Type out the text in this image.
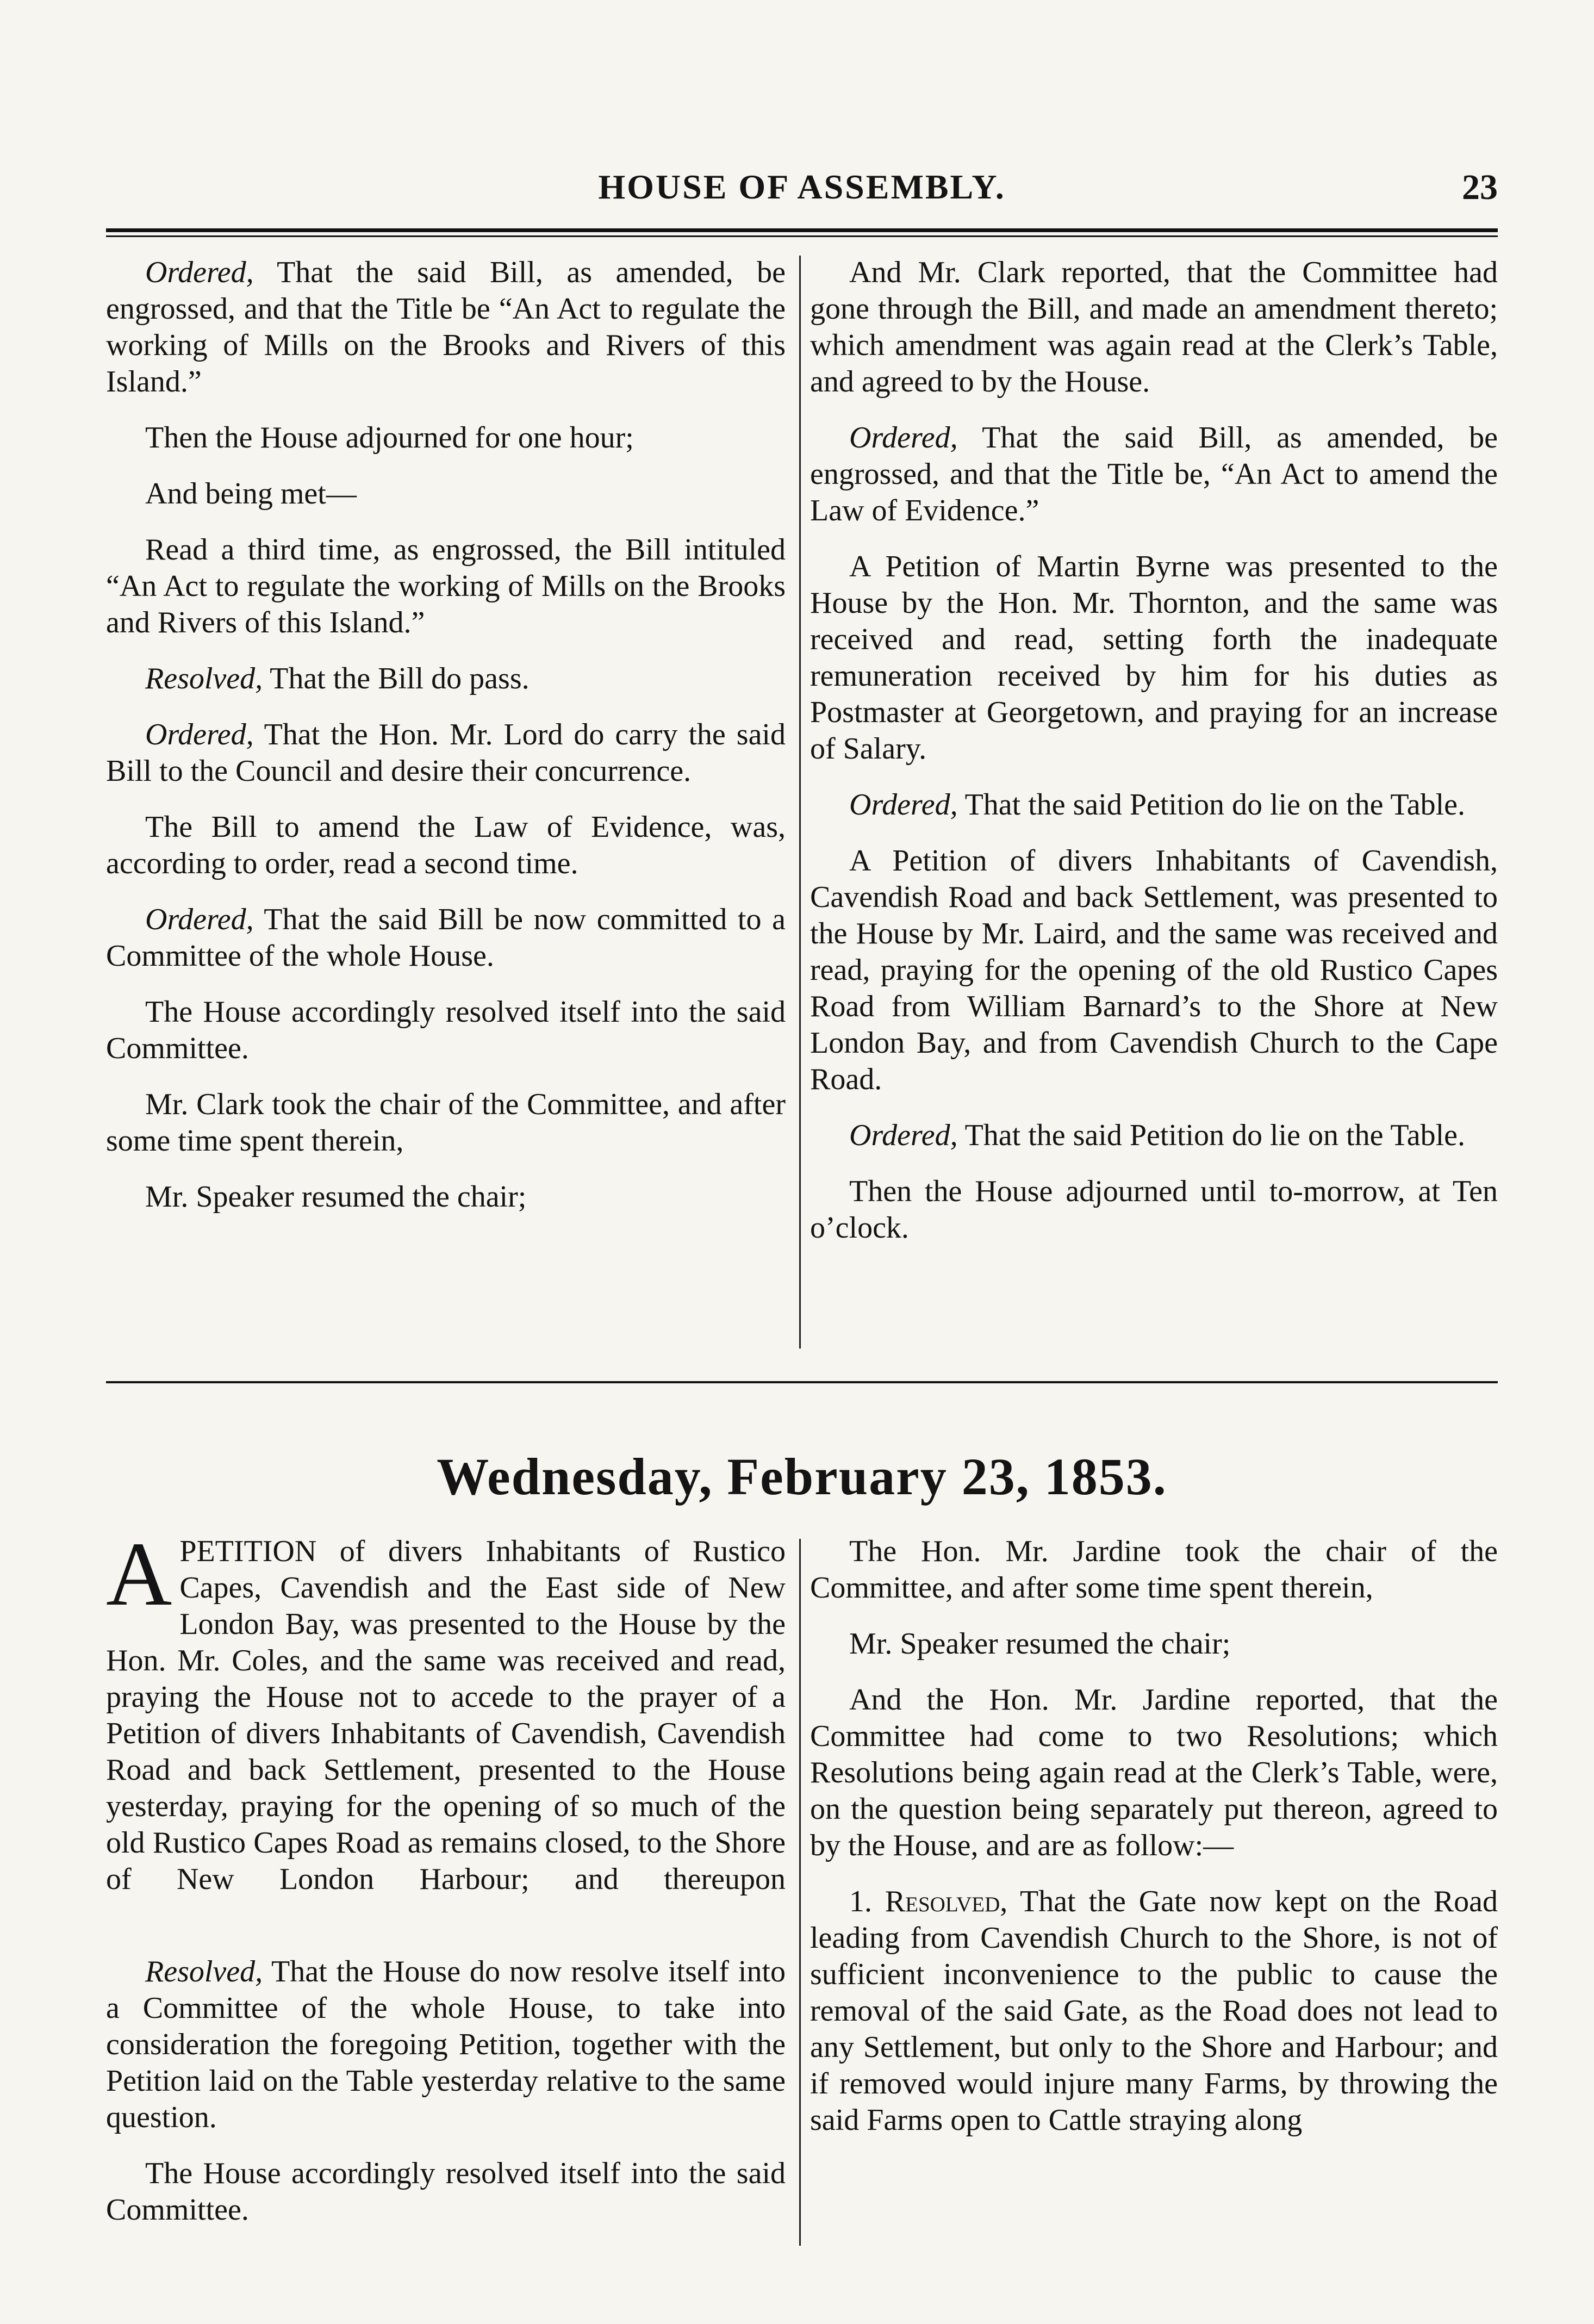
HOUSE OF ASSEMBLY.	23

Ordered, That the said Bill, as amended, be engrossed, and that the Title be “An Act to regulate the working of Mills on the Brooks and Rivers of this Island.”

Then the House adjourned for one hour;

And being met—

Read a third time, as engrossed, the Bill intituled “An Act to regulate the working of Mills on the Brooks and Rivers of this Island.”

Resolved, That the Bill do pass.

Ordered, That the Hon. Mr. Lord do carry the said Bill to the Council and desire their concurrence.

The Bill to amend the Law of Evidence, was, according to order, read a second time.

Ordered, That the said Bill be now committed to a Committee of the whole House.

The House accordingly resolved itself into the said Committee.

Mr. Clark took the chair of the Committee, and after some time spent therein,

Mr. Speaker resumed the chair;

And Mr. Clark reported, that the Committee had gone through the Bill, and made an amendment thereto; which amendment was again read at the Clerk’s Table, and agreed to by the House.

Ordered, That the said Bill, as amended, be engrossed, and that the Title be, “An Act to amend the Law of Evidence.”

A Petition of Martin Byrne was presented to the House by the Hon. Mr. Thornton, and the same was received and read, setting forth the inadequate remuneration received by him for his duties as Postmaster at Georgetown, and praying for an increase of Salary.

Ordered, That the said Petition do lie on the Table.

A Petition of divers Inhabitants of Cavendish, Cavendish Road and back Settlement, was presented to the House by Mr. Laird, and the same was received and read, praying for the opening of the old Rustico Capes Road from William Barnard’s to the Shore at New London Bay, and from Cavendish Church to the Cape Road.

Ordered, That the said Petition do lie on the Table.

Then the House adjourned until to-morrow, at Ten o’clock.

Wednesday, February 23, 1853.

APETITION of divers Inhabitants of Rustico Capes, Cavendish and the East side of New London Bay, was presented to the House by the Hon. Mr. Coles, and the same was received and read, praying the House not to accede to the prayer of a Petition of divers Inhabitants of Cavendish, Cavendish Road and back Settlement, presented to the House yesterday, praying for the opening of so much of the old Rustico Capes Road as remains closed, to the Shore of New London Harbour; and thereupon

Resolved, That the House do now resolve itself into a Committee of the whole House, to take into consideration the foregoing Petition, together with the Petition laid on the Table yesterday relative to the same question.

The House accordingly resolved itself into the said Committee.

The Hon. Mr. Jardine took the chair of the Committee, and after some time spent therein,

Mr. Speaker resumed the chair;

And the Hon. Mr. Jardine reported, that the Committee had come to two Resolutions; which Resolutions being again read at the Clerk’s Table, were, on the question being separately put thereon, agreed to by the House, and are as follow:—

1. Resolved, That the Gate now kept on the Road leading from Cavendish Church to the Shore, is not of sufficient inconvenience to the public to cause the removal of the said Gate, as the Road does not lead to any Settlement, but only to the Shore and Harbour; and if removed would injure many Farms, by throwing the said Farms open to Cattle straying along
